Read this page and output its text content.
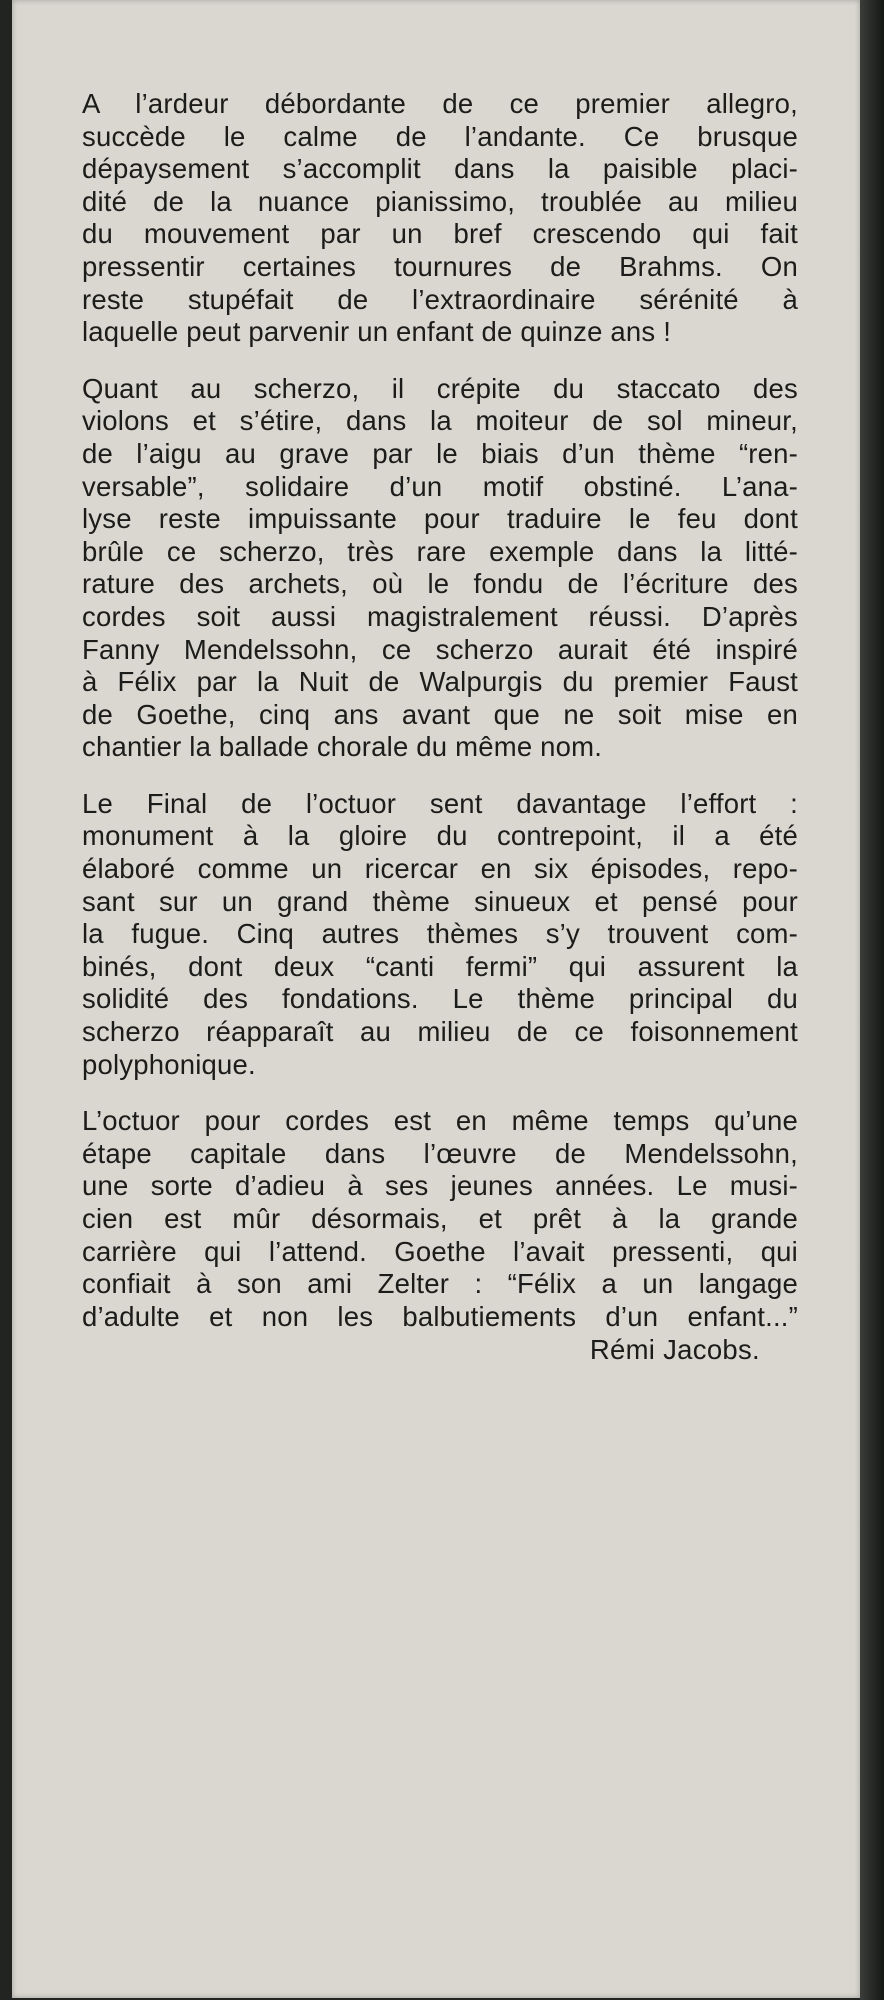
A l’ardeur débordante de ce premier allegro,
succède le calme de l’andante. Ce brusque
dépaysement s’accomplit dans la paisible placi-
dité de la nuance pianissimo, troublée au milieu
du mouvement par un bref crescendo qui fait
pressentir certaines tournures de Brahms. On
reste stupéfait de l’extraordinaire sérénité à
laquelle peut parvenir un enfant de quinze ans !

Quant au scherzo, il crépite du staccato des
violons et s’étire, dans la moiteur de sol mineur,
de l’aigu au grave par le biais d’un thème “ren-
versable”, solidaire d’un motif obstiné. L’ana-
lyse reste impuissante pour traduire le feu dont
brûle ce scherzo, très rare exemple dans la litté-
rature des archets, où le fondu de l’écriture des
cordes soit aussi magistralement réussi. D’après
Fanny Mendelssohn, ce scherzo aurait été inspiré
à Félix par la Nuit de Walpurgis du premier Faust
de Goethe, cinq ans avant que ne soit mise en
chantier la ballade chorale du même nom.

Le Final de l’octuor sent davantage l’effort :
monument à la gloire du contrepoint, il a été
élaboré comme un ricercar en six épisodes, repo-
sant sur un grand thème sinueux et pensé pour
la fugue. Cinq autres thèmes s’y trouvent com-
binés, dont deux “canti fermi” qui assurent la
solidité des fondations. Le thème principal du
scherzo réapparaît au milieu de ce foisonnement
polyphonique.

L’octuor pour cordes est en même temps qu’une
étape capitale dans l’œuvre de Mendelssohn,
une sorte d’adieu à ses jeunes années. Le musi-
cien est mûr désormais, et prêt à la grande
carrière qui l’attend. Goethe l’avait pressenti, qui
confiait à son ami Zelter : “Félix a un langage
d’adulte et non les balbutiements d’un enfant...”

Rémi Jacobs.
